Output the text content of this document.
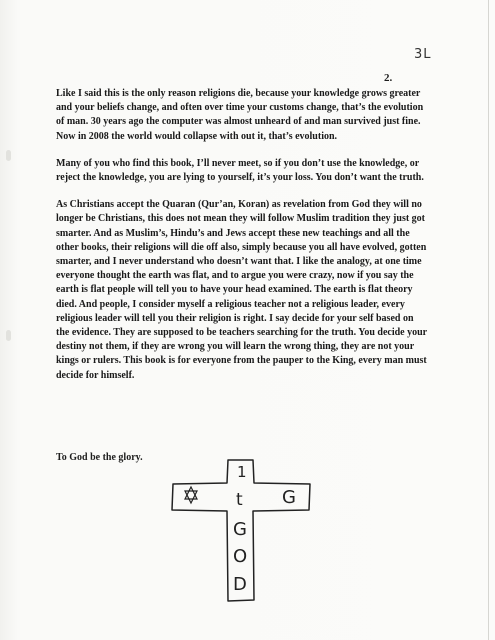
3L
2.

Like I said this is the only reason religions die, because your knowledge grows greater and your beliefs change, and often over time your customs change, that’s the evolution of man. 30 years ago the computer was almost unheard of and man survived just fine. Now in 2008 the world would collapse with out it, that’s evolution.

Many of you who find this book, I’ll never meet, so if you don’t use the knowledge, or reject the knowledge, you are lying to yourself, it’s your loss. You don’t want the truth.

As Christians accept the Quaran (Qur’an, Koran) as revelation from God they will no longer be Christians, this does not mean they will follow Muslim tradition they just got smarter. And as Muslim’s, Hindu’s and Jews accept these new teachings and all the other books, their religions will die off also, simply because you all have evolved, gotten smarter, and I never understand who doesn’t want that. I like the analogy, at one time everyone thought the earth was flat, and to argue you were crazy, now if you say the earth is flat people will tell you to have your head examined. The earth is flat theory died. And people, I consider myself a religious teacher not a religious leader, every religious leader will tell you their religion is right. I say decide for your self based on the evidence. They are supposed to be teachers searching for the truth. You decide your destiny not them, if they are wrong you will learn the wrong thing, they are not your kings or rulers. This book is for everyone from the pauper to the King, every man must decide for himself.

To God be the glory.
G
1
t
G
O
D
